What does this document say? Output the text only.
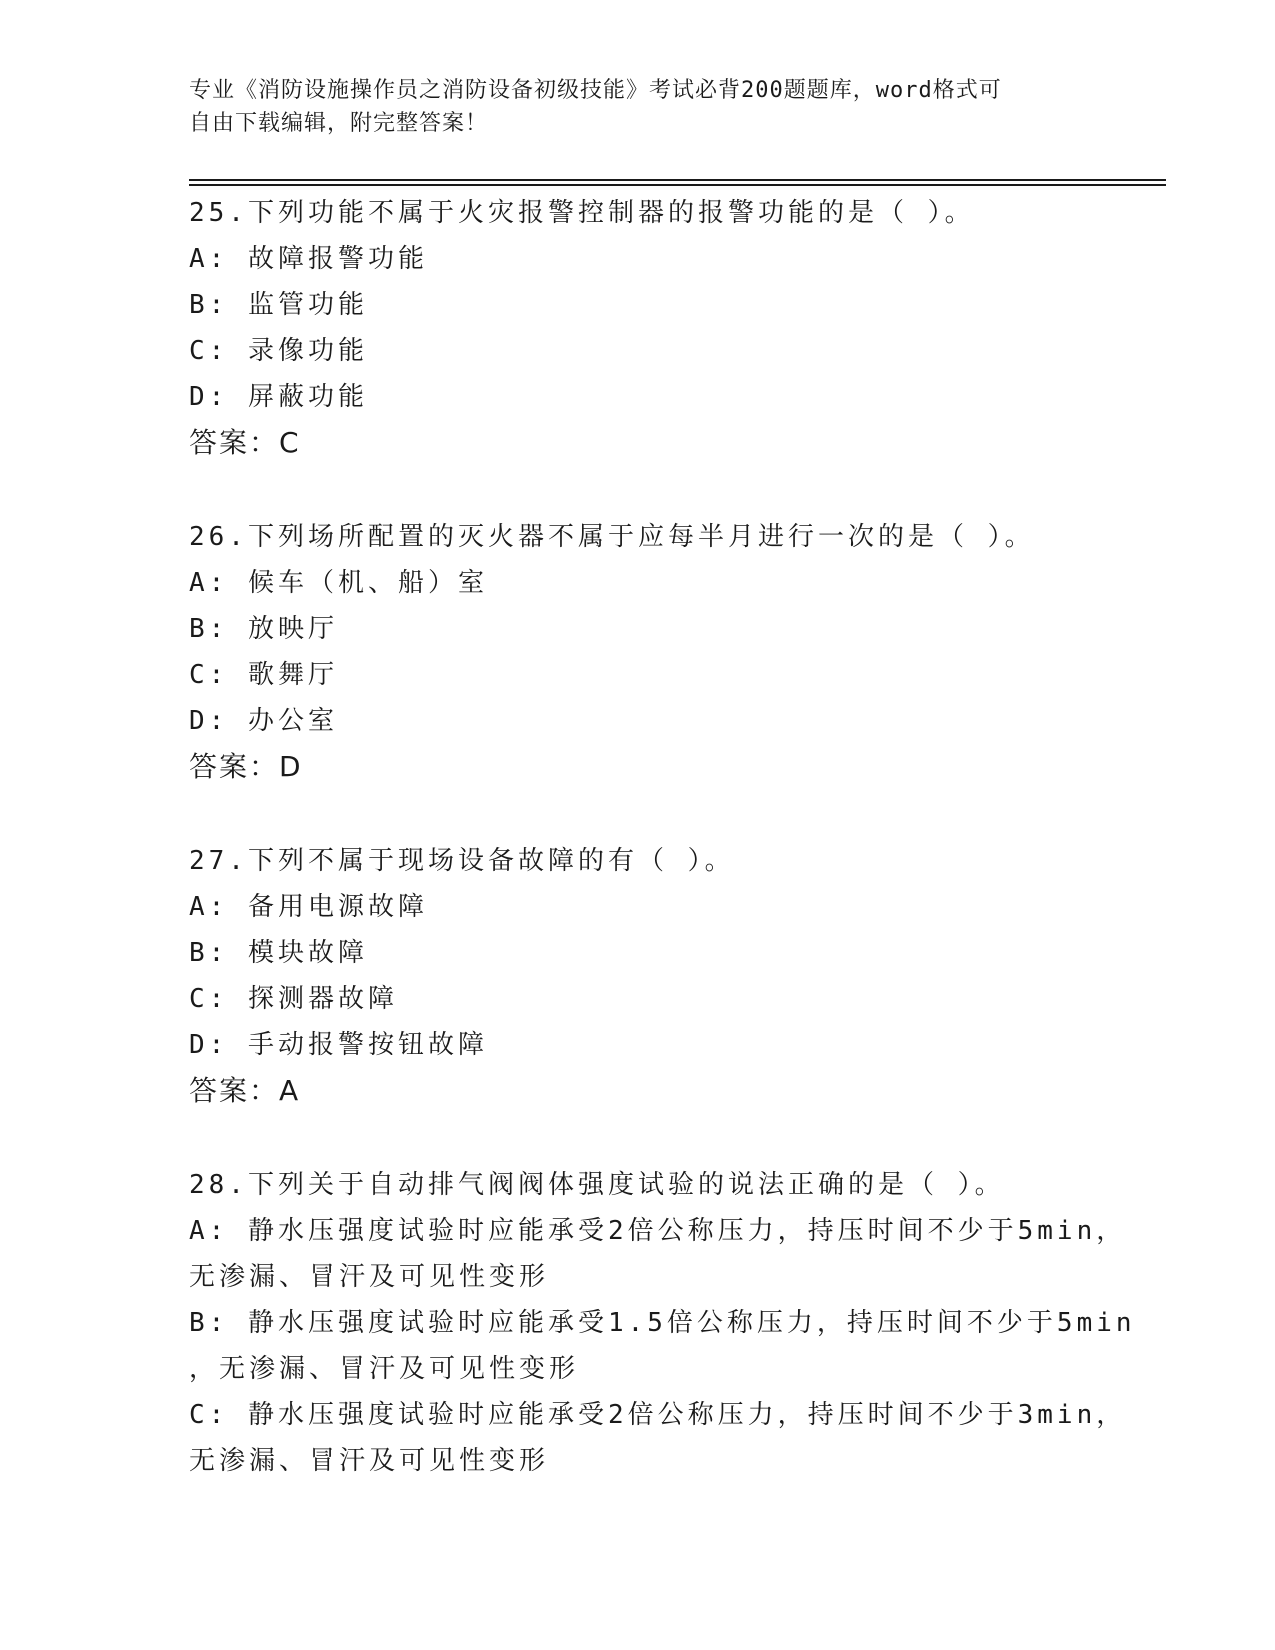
专业《消防设施操作员之消防设备初级技能》考试必背200题题库，word格式可
自由下载编辑，附完整答案！
25.下列功能不属于火灾报警控制器的报警功能的是（ ）。
A: 故障报警功能
B: 监管功能
C: 录像功能
D: 屏蔽功能
答案：C
26.下列场所配置的灭火器不属于应每半月进行一次的是（ ）。
A: 候车（机、船）室
B: 放映厅
C: 歌舞厅
D: 办公室
答案：D
27.下列不属于现场设备故障的有（ ）。
A: 备用电源故障
B: 模块故障
C: 探测器故障
D: 手动报警按钮故障
答案：A
28.下列关于自动排气阀阀体强度试验的说法正确的是（ ）。
A: 静水压强度试验时应能承受2倍公称压力，持压时间不少于5min，
无渗漏、冒汗及可见性变形
B: 静水压强度试验时应能承受1.5倍公称压力，持压时间不少于5min
，无渗漏、冒汗及可见性变形
C: 静水压强度试验时应能承受2倍公称压力，持压时间不少于3min，
无渗漏、冒汗及可见性变形
